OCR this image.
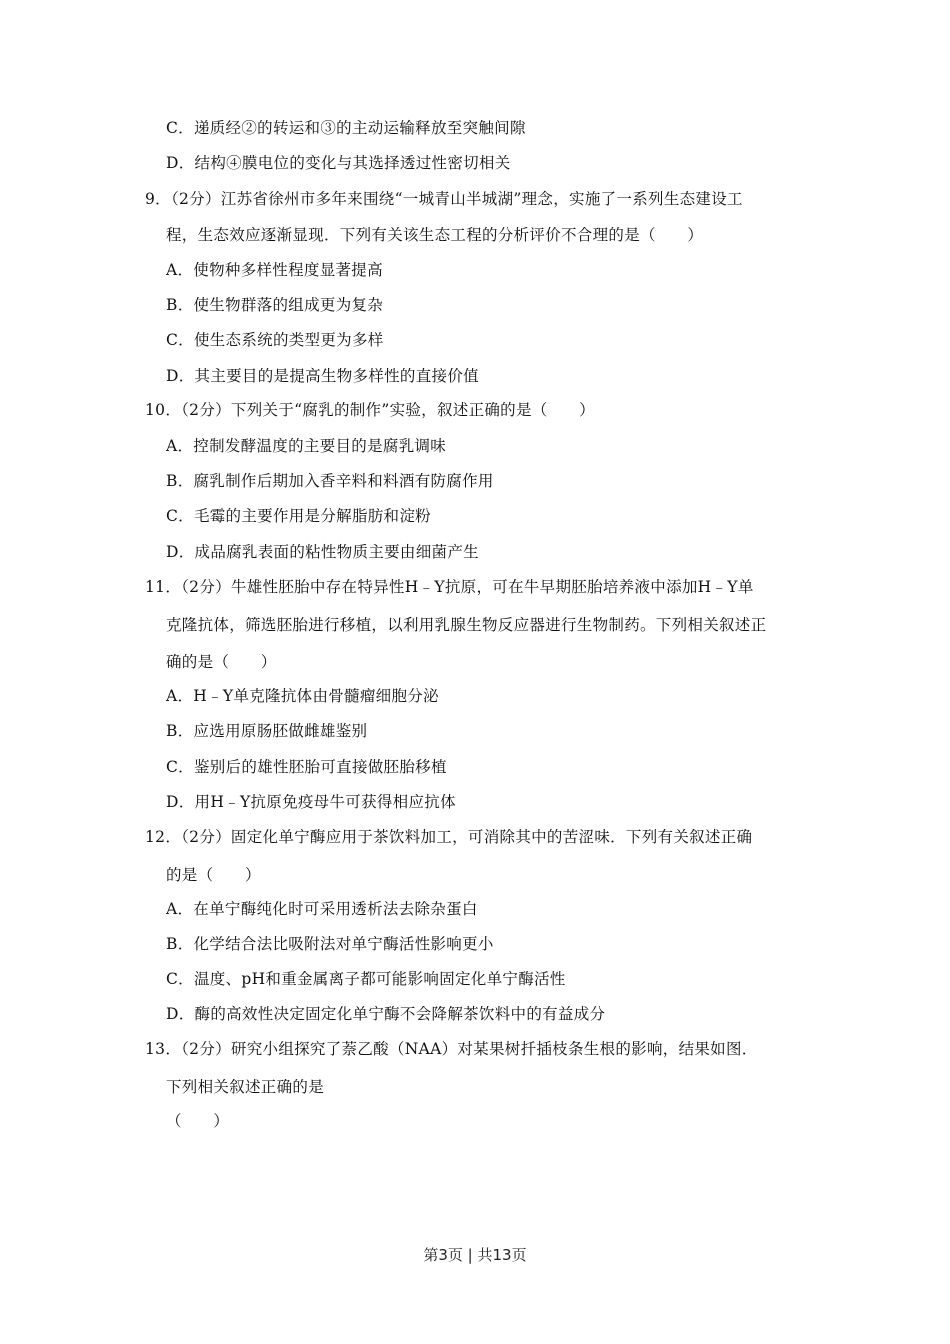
C．递质经②的转运和③的主动运输释放至突触间隙
D．结构④膜电位的变化与其选择透过性密切相关
9．（2分）江苏省徐州市多年来围绕“一城青山半城湖”理念，实施了一系列生态建设工
程，生态效应逐渐显现．下列有关该生态工程的分析评价不合理的是（　　）
A．使物种多样性程度显著提高
B．使生物群落的组成更为复杂
C．使生态系统的类型更为多样
D．其主要目的是提高生物多样性的直接价值
10．（2分）下列关于“腐乳的制作”实验，叙述正确的是（　　）
A．控制发酵温度的主要目的是腐乳调味
B．腐乳制作后期加入香辛料和料酒有防腐作用
C．毛霉的主要作用是分解脂肪和淀粉
D．成品腐乳表面的粘性物质主要由细菌产生
11．（2分）牛雄性胚胎中存在特异性H﹣Y抗原，可在牛早期胚胎培养液中添加H﹣Y单
克隆抗体，筛选胚胎进行移植，以利用乳腺生物反应器进行生物制药。下列相关叙述正
确的是（　　）
A．H﹣Y单克隆抗体由骨髓瘤细胞分泌
B．应选用原肠胚做雌雄鉴别
C．鉴别后的雄性胚胎可直接做胚胎移植
D．用H﹣Y抗原免疫母牛可获得相应抗体
12．（2分）固定化单宁酶应用于茶饮料加工，可消除其中的苦涩味．下列有关叙述正确
的是（　　）
A．在单宁酶纯化时可采用透析法去除杂蛋白
B．化学结合法比吸附法对单宁酶活性影响更小
C．温度、pH和重金属离子都可能影响固定化单宁酶活性
D．酶的高效性决定固定化单宁酶不会降解茶饮料中的有益成分
13．（2分）研究小组探究了萘乙酸（NAA）对某果树扦插枝条生根的影响，结果如图．
下列相关叙述正确的是
（　　）
第3页 | 共13页
